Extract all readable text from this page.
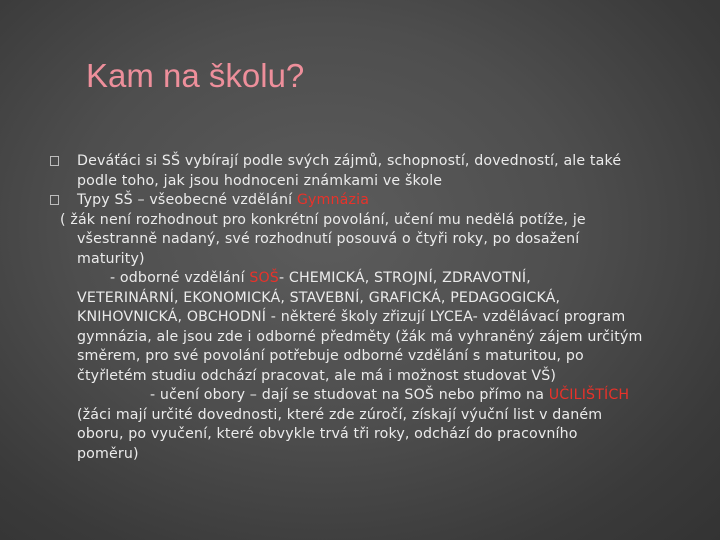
Kam na školu?
Deváťáci si SŠ vybírají podle svých zájmů, schopností, dovedností, ale také
podle toho, jak jsou hodnoceni známkami ve škole
Typy SŠ – všeobecné vzdělání Gymnázia
( žák není rozhodnout pro konkrétní povolání, učení mu nedělá potíže, je
všestranně nadaný, své rozhodnutí posouvá o čtyři roky, po dosažení
maturity)
- odborné vzdělání SOŠ- CHEMICKÁ, STROJNÍ, ZDRAVOTNÍ,
VETERINÁRNÍ, EKONOMICKÁ, STAVEBNÍ, GRAFICKÁ, PEDAGOGICKÁ,
KNIHOVNICKÁ, OBCHODNÍ - některé školy zřizují LYCEA- vzdělávací program
gymnázia, ale jsou zde i odborné předměty (žák má vyhraněný zájem určitým
směrem, pro své povolání potřebuje odborné vzdělání s maturitou, po
čtyřletém studiu odchází pracovat, ale má i možnost studovat VŠ)
- učení obory – dají se studovat na SOŠ nebo přímo na UČILIŠTÍCH
(žáci mají určité dovednosti, které zde zúročí, získají výuční list v daném
oboru, po vyučení, které obvykle trvá tři roky, odchází do pracovního
poměru)
